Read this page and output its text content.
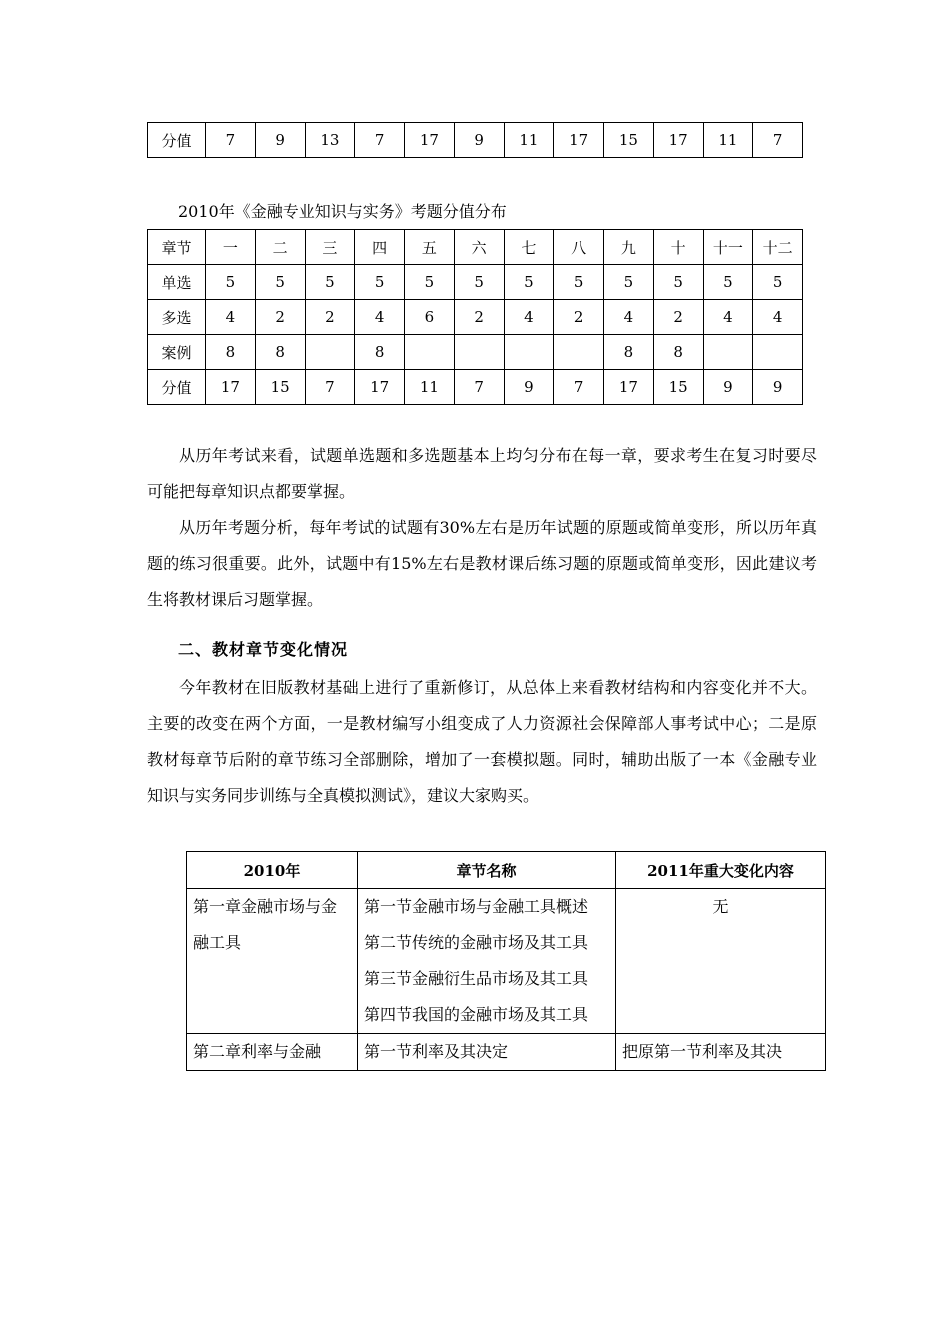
分值	7	9	13	7	17	9	11	17	15	17	11	7
2010年《金融专业知识与实务》考题分值分布
章节	一	二	三	四	五	六	七	八	九	十	十一	十二
单选	5	5	5	5	5	5	5	5	5	5	5	5
多选	4	2	2	4	6	2	4	2	4	2	4	4
案例	8	8		8					8	8		
分值	17	15	7	17	11	7	9	7	17	15	9	9

从历年考试来看，试题单选题和多选题基本上均匀分布在每一章，要求考生在复习时要尽可能把每章知识点都要掌握。

从历年考题分析，每年考试的试题有30%左右是历年试题的原题或简单变形，所以历年真题的练习很重要。此外，试题中有15%左右是教材课后练习题的原题或简单变形，因此建议考生将教材课后习题掌握。

二、教材章节变化情况

今年教材在旧版教材基础上进行了重新修订，从总体上来看教材结构和内容变化并不大。主要的改变在两个方面，一是教材编写小组变成了人力资源社会保障部人事考试中心；二是原教材每章节后附的章节练习全部删除，增加了一套模拟题。同时，辅助出版了一本《金融专业知识与实务同步训练与全真模拟测试》，建议大家购买。

2010年	章节名称	2011年重大变化内容
第一章金融市场与金融工具	第一节金融市场与金融工具概述
第二节传统的金融市场及其工具
第三节金融衍生品市场及其工具
第四节我国的金融市场及其工具	无
第二章利率与金融	第一节利率及其决定	把原第一节利率及其决
